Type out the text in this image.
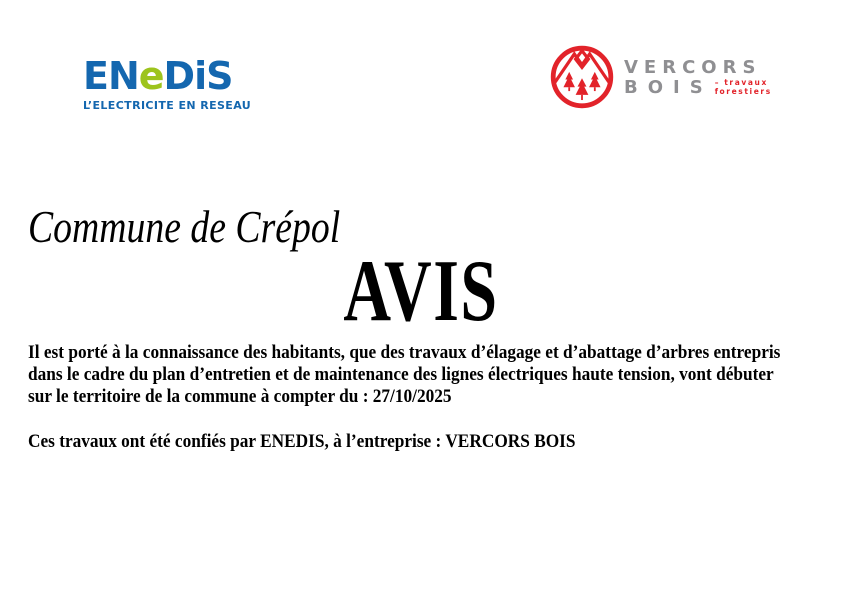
ENeDiS
L’ELECTRICITE EN RESEAU
VERCORS
BOIS – travaux
forestiers
Commune de Crépol
AVIS
Il est porté à la connaissance des habitants, que des travaux d’élagage et d’abattage d’arbres entrepris
dans le cadre du plan d’entretien et de maintenance des lignes électriques haute tension, vont débuter
sur le territoire de la commune à compter du : 27/10/2025
Ces travaux ont été confiés par ENEDIS, à l’entreprise : VERCORS BOIS
